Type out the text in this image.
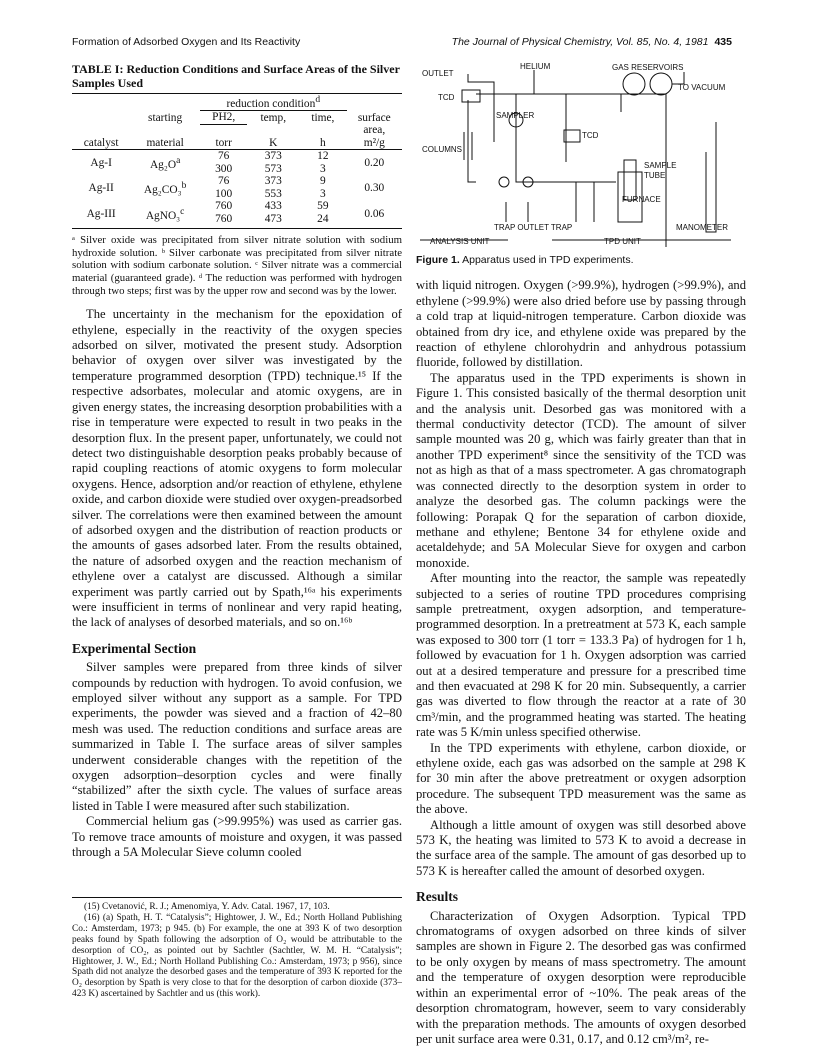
Formation of Adsorbed Oxygen and Its Reactivity	The Journal of Physical Chemistry, Vol. 85, No. 4, 1981 435
TABLE I: Reduction Conditions and Surface Areas of the Silver Samples Used
		reduction condition$^d$	
	starting	PH2,	temp,	time,	surface
catalyst	material	torr	K	h	area,
m²/g
Ag-I	$Ag_2O^a$	76	373	12	0.20
		300	573	3	
Ag-II	Ag₂CO₃$^b$	76	373	9	0.30
		100	553	3	
Ag-III	AgNO₃$^c$	760	433	59	0.06
		760	473	24	
ᵃ Silver oxide was precipitated from silver nitrate solution with sodium hydroxide solution. ᵇ Silver carbonate was precipitated from silver nitrate solution with sodium carbonate solution. ᶜ Silver nitrate was a commercial material (guaranteed grade). ᵈ The reduction was performed with hydrogen through two steps; first was by the upper row and second was by the lower.

The uncertainty in the mechanism for the epoxidation of ethylene, especially in the reactivity of the oxygen species adsorbed on silver, motivated the present study. Adsorption behavior of oxygen over silver was investigated by the temperature programmed desorption (TPD) technique.¹⁵ If the respective adsorbates, molecular and atomic oxygens, are in given energy states, the increasing desorption probabilities with a rise in temperature were expected to result in two peaks in the desorption flux. In the present paper, unfortunately, we could not detect two distinguishable desorption peaks probably because of rapid coupling reactions of atomic oxygens to form molecular oxygens. Hence, adsorption and/or reaction of ethylene, ethylene oxide, and carbon dioxide were studied over oxygen-preadsorbed silver. The correlations were then examined between the amount of adsorbed oxygen and the distribution of reaction products or the amounts of gases adsorbed later. From the results obtained, the nature of adsorbed oxygen and the reaction mechanism of ethylene over a catalyst are discussed. Although a similar experiment was partly carried out by Spath,¹⁶ᵃ his experiments were insufficient in terms of nonlinear and very rapid heating, the lack of analyses of desorbed materials, and so on.¹⁶ᵇ

Experimental Section

Silver samples were prepared from three kinds of silver compounds by reduction with hydrogen. To avoid confusion, we employed silver without any support as a sample. For TPD experiments, the powder was sieved and a fraction of 42–80 mesh was used. The reduction conditions and surface areas are summarized in Table I. The surface areas of silver samples underwent considerable changes with the repetition of the oxygen adsorption–desorption cycles and were finally “stabilized” after the sixth cycle. The values of surface areas listed in Table I were measured after such stabilization.

Commercial helium gas (>99.995%) was used as carrier gas. To remove trace amounts of moisture and oxygen, it was passed through a 5A Molecular Sieve column cooled

(15) Cvetanović, R. J.; Amenomiya, Y. Adv. Catal. 1967, 17, 103.
(16) (a) Spath, H. T. “Catalysis”; Hightower, J. W., Ed.; North Holland Publishing Co.: Amsterdam, 1973; p 945. (b) For example, the one at 393 K of two desorption peaks found by Spath following the adsorption of O₂ would be attributable to the desorption of CO₂, as pointed out by Sachtler (Sachtler, W. M. H. “Catalysis”; Hightower, J. W., Ed.; North Holland Publishing Co.: Amsterdam, 1973; p 956), since Spath did not analyze the desorbed gases and the temperature of 393 K reported for the O₂ desorption by Spath is very close to that for the desorption of carbon dioxide (373–423 K) ascertained by Sachtler and us (this work).
OUTLET
HELIUM	GAS RESERVOIRS
TO VACUUM
TCD
SAMPLER
TCD
COLUMNS
SAMPLE
TUBE
FURNACE
TRAP OUTLET TRAP	MANOMETER
ANALYSIS UNIT	TPD UNIT
Figure 1. Apparatus used in TPD experiments.

with liquid nitrogen. Oxygen (>99.9%), hydrogen (>99.9%), and ethylene (>99.9%) were also dried before use by passing through a cold trap at liquid-nitrogen temperature. Carbon dioxide was obtained from dry ice, and ethylene oxide was prepared by the reaction of ethylene chlorohydrin and anhydrous potassium fluoride, followed by distillation.

The apparatus used in the TPD experiments is shown in Figure 1. This consisted basically of the thermal desorption unit and the analysis unit. Desorbed gas was monitored with a thermal conductivity detector (TCD). The amount of silver sample mounted was 20 g, which was fairly greater than that in another TPD experiment⁸ since the sensitivity of the TCD was not as high as that of a mass spectrometer. A gas chromatograph was connected directly to the desorption system in order to analyze the desorbed gas. The column packings were the following: Porapak Q for the separation of carbon dioxide, methane and ethylene; Bentone 34 for ethylene oxide and acetaldehyde; and 5A Molecular Sieve for oxygen and carbon monoxide.

After mounting into the reactor, the sample was repeatedly subjected to a series of routine TPD procedures comprising sample pretreatment, oxygen adsorption, and temperature-programmed desorption. In a pretreatment at 573 K, each sample was exposed to 300 torr (1 torr = 133.3 Pa) of hydrogen for 1 h, followed by evacuation for 1 h. Oxygen adsorption was carried out at a desired temperature and pressure for a prescribed time and then evacuated at 298 K for 20 min. Subsequently, a carrier gas was diverted to flow through the reactor at a rate of 30 cm³/min, and the programmed heating was started. The heating rate was 5 K/min unless specified otherwise.

In the TPD experiments with ethylene, carbon dioxide, or ethylene oxide, each gas was adsorbed on the sample at 298 K for 30 min after the above pretreatment or oxygen adsorption procedure. The subsequent TPD measurement was the same as the above.

Although a little amount of oxygen was still desorbed above 573 K, the heating was limited to 573 K to avoid a decrease in the surface area of the sample. The amount of gas desorbed up to 573 K is hereafter called the amount of desorbed oxygen.

Results

Characterization of Oxygen Adsorption. Typical TPD chromatograms of oxygen adsorbed on three kinds of silver samples are shown in Figure 2. The desorbed gas was confirmed to be only oxygen by means of mass spectrometry. The amount and the temperature of oxygen desorption were reproducible within an experimental error of ~10%. The peak areas of the desorption chromatogram, however, seem to vary considerably with the preparation methods. The amounts of oxygen desorbed per unit surface area were 0.31, 0.17, and 0.12 cm³/m², re-
